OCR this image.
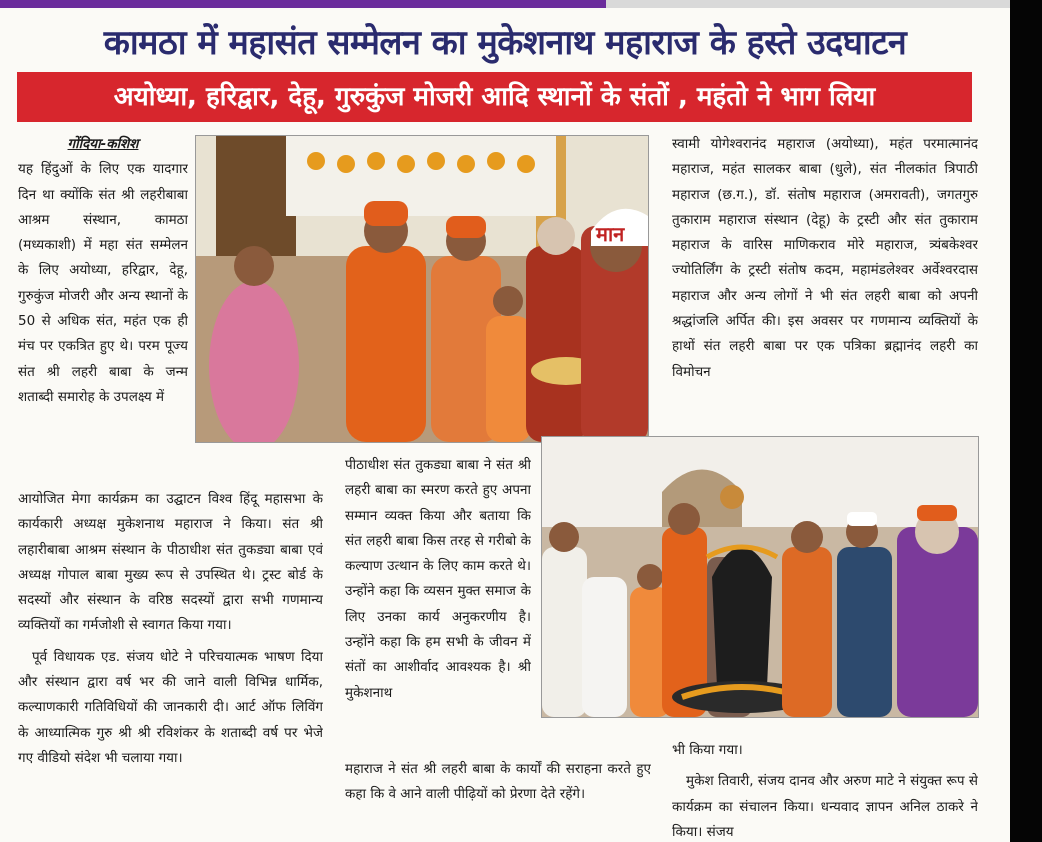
कामठा में महासंत सम्मेलन का मुकेशनाथ महाराज के हस्ते उदघाटन
अयोध्या, हरिद्वार, देहू, गुरुकुंज मोजरी आदि स्थानों के संतों , महंतो ने भाग लिया
गोंदिया-कशिश

यह हिंदुओं के लिए एक यादगार दिन था क्योंकि संत श्री लहरीबाबा आश्रम संस्थान, कामठा (मध्यकाशी) में महा संत सम्मेलन के लिए अयोध्या, हरिद्वार, देहू, गुरुकुंज मोजरी और अन्य स्थानों के 50 से अधिक संत, महंत एक ही मंच पर एकत्रित हुए थे। परम पूज्य संत श्री लहरी बाबा के जन्म शताब्दी समारोह के उपलक्ष्य में

आयोजित मेगा कार्यक्रम का उद्घाटन विश्व हिंदू महासभा के कार्यकारी अध्यक्ष मुकेशनाथ महाराज ने किया। संत श्री लहारीबाबा आश्रम संस्थान के पीठाधीश संत तुकड्या बाबा एवं अध्यक्ष गोपाल बाबा मुख्य रूप से उपस्थित थे। ट्रस्ट बोर्ड के सदस्यों और संस्थान के वरिष्ठ सदस्यों द्वारा सभी गणमान्य व्यक्तियों का गर्मजोशी से स्वागत किया गया।

पूर्व विधायक एड. संजय धोटे ने परिचयात्मक भाषण दिया और संस्थान द्वारा वर्ष भर की जाने वाली विभिन्न धार्मिक, कल्याणकारी गतिविधियों की जानकारी दी। आर्ट ऑफ लिविंग के आध्यात्मिक गुरु श्री श्री रविशंकर के शताब्दी वर्ष पर भेजे गए वीडियो संदेश भी चलाया गया।

मान

स्वामी योगेश्वरानंद महाराज (अयोध्या), महंत परमात्मानंद महाराज, महंत सालकर बाबा (धुले), संत नीलकांत त्रिपाठी महाराज (छ.ग.), डॉ. संतोष महाराज (अमरावती), जगतगुरु तुकाराम महाराज संस्थान (देहू) के ट्रस्टी और संत तुकाराम महाराज के वारिस माणिकराव मोरे महाराज, त्र्यंबकेश्वर ज्योतिर्लिंग के ट्रस्टी संतोष कदम, महामंडलेश्वर अर्वेश्वरदास महाराज और अन्य लोगों ने भी संत लहरी बाबा को अपनी श्रद्धांजलि अर्पित की। इस अवसर पर गणमान्य व्यक्तियों के हाथों संत लहरी बाबा पर एक पत्रिका ब्रह्मानंद लहरी का विमोचन

पीठाधीश संत तुकड्या बाबा ने संत श्री लहरी बाबा का स्मरण करते हुए अपना सम्मान व्यक्त किया और बताया कि संत लहरी बाबा किस तरह से गरीबो के कल्याण उत्थान के लिए काम करते थे। उन्होंने कहा कि व्यसन मुक्त समाज के लिए उनका कार्य अनुकरणीय है। उन्होंने कहा कि हम सभी के जीवन में संतों का आशीर्वाद आवश्यक है। श्री मुकेशनाथ

महाराज ने संत श्री लहरी बाबा के कार्यों की सराहना करते हुए कहा कि वे आने वाली पीढ़ियों को प्रेरणा देते रहेंगे।

भी किया गया।

मुकेश तिवारी, संजय दानव और अरुण माटे ने संयुक्त रूप से कार्यक्रम का संचालन किया। धन्यवाद ज्ञापन अनिल ठाकरे ने किया। संजय
